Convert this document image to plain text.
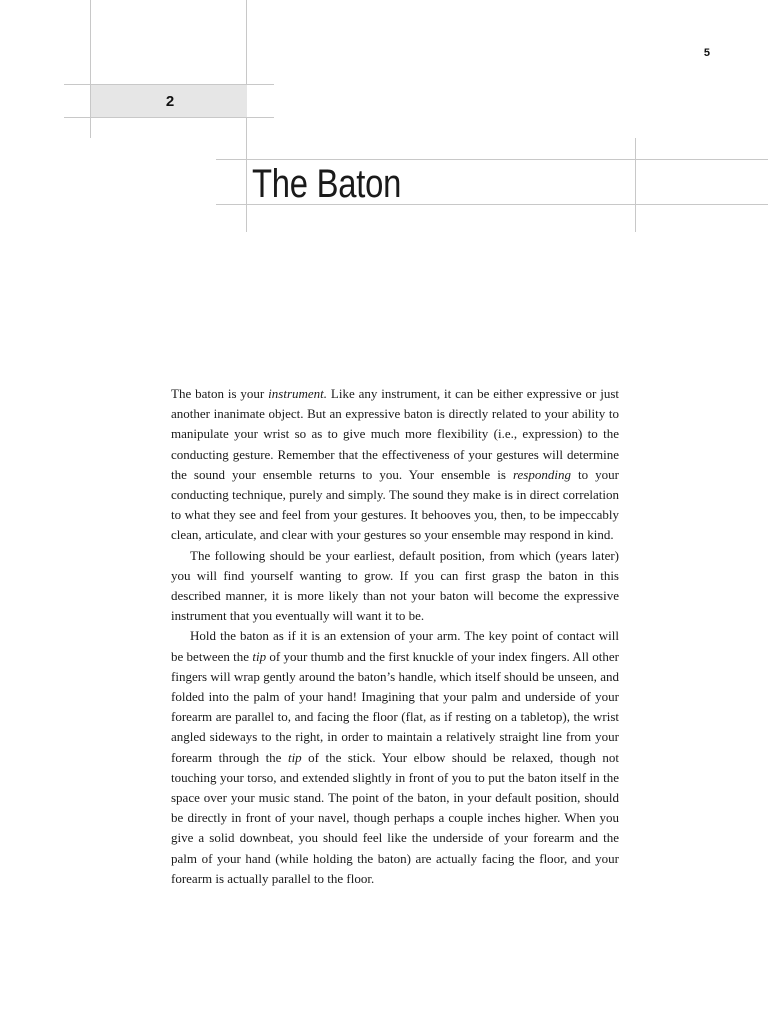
5
2
The Baton

The baton is your instrument. Like any instrument, it can be either expressive or just another inanimate object. But an expressive baton is directly related to your ability to manipulate your wrist so as to give much more flexibility (i.e., expression) to the conducting gesture. Remember that the effectiveness of your gestures will determine the sound your ensemble returns to you. Your ensemble is responding to your conducting technique, purely and simply. The sound they make is in direct correlation to what they see and feel from your gestures. It behooves you, then, to be impeccably clean, articulate, and clear with your gestures so your ensemble may respond in kind.

The following should be your earliest, default position, from which (years later) you will find yourself wanting to grow. If you can first grasp the baton in this described manner, it is more likely than not your baton will become the expressive instrument that you eventually will want it to be.

Hold the baton as if it is an extension of your arm. The key point of contact will be between the tip of your thumb and the first knuckle of your index fingers. All other fingers will wrap gently around the baton’s handle, which itself should be unseen, and folded into the palm of your hand! Imagining that your palm and underside of your forearm are parallel to, and facing the floor (flat, as if resting on a tabletop), the wrist angled sideways to the right, in order to maintain a relatively straight line from your forearm through the tip of the stick. Your elbow should be relaxed, though not touching your torso, and extended slightly in front of you to put the baton itself in the space over your music stand. The point of the baton, in your default position, should be directly in front of your navel, though perhaps a couple inches higher. When you give a solid downbeat, you should feel like the underside of your forearm and the palm of your hand (while holding the baton) are actually facing the floor, and your forearm is actually parallel to the floor.
